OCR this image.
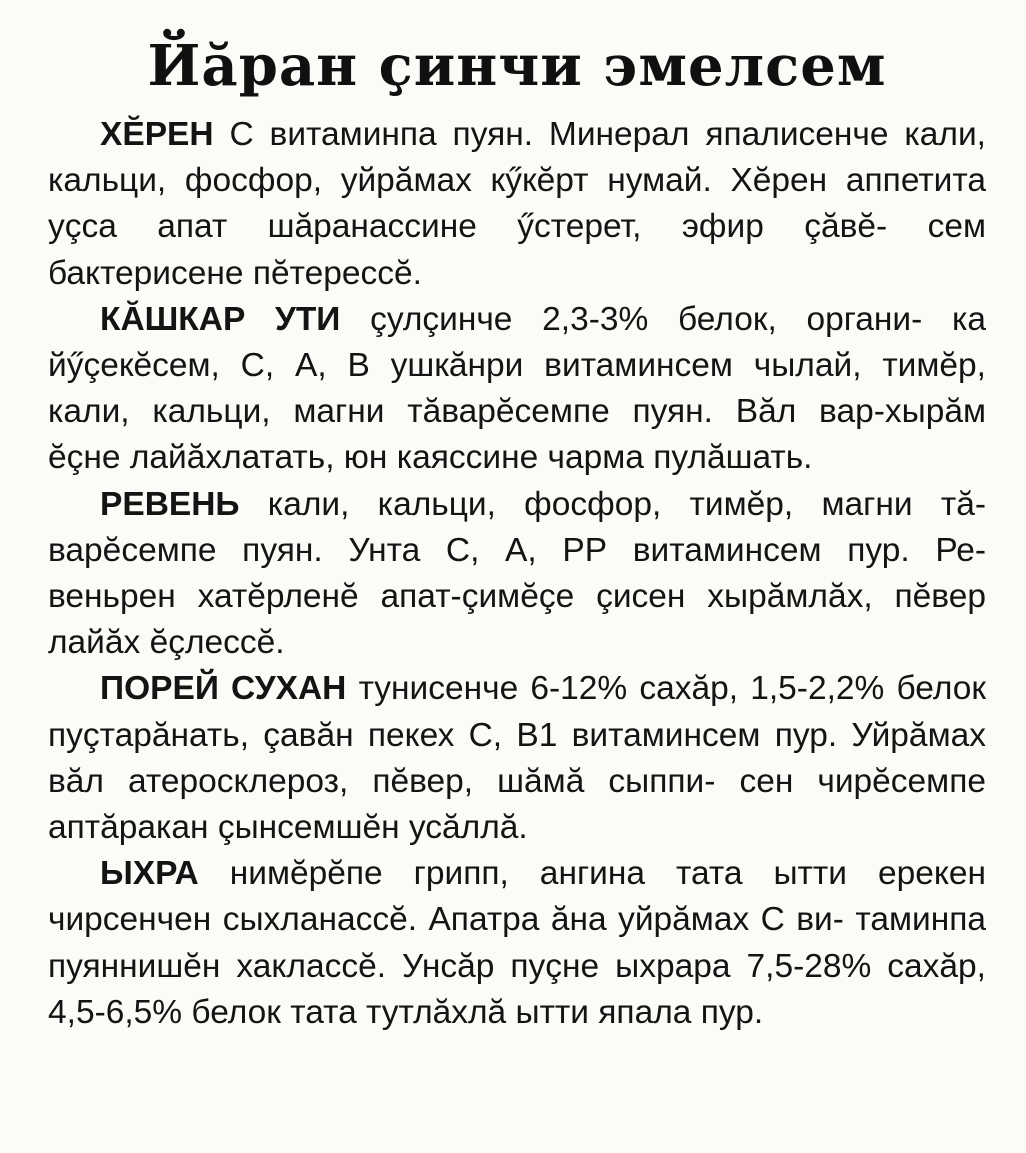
Йăран çинчи эмелсем

ХĔРЕН С витаминпа пуян. Минерал япалисенче кали, кальци, фосфор, уйрăмах кӳкĕрт нумай. Хĕрен аппетита уçса апат шăранассине ӳстерет, эфир çăвĕ- сем бактерисене пĕтерессĕ.

КĂШКАР УТИ çулçинче 2,3-3% белок, органи- ка йӳçекĕсем, С, А, В ушкăнри витаминсем чылай, тимĕр, кали, кальци, магни тăварĕсемпе пуян. Вăл вар-хырăм ĕçне лайăхлатать, юн каяссине чарма пулăшать.

РЕВЕНЬ кали, кальци, фосфор, тимĕр, магни тă- варĕсемпе пуян. Унта С, А, РР витаминсем пур. Ре- веньрен хатĕрленĕ апат-çимĕçе çисен хырăмлăх, пĕвер лайăх ĕçлессĕ.

ПОРЕЙ СУХАН тунисенче 6-12% сахăр, 1,5-2,2% белок пуçтарăнать, çавăн пекех С, В1 витаминсем пур. Уйрăмах вăл атеросклероз, пĕвер, шăмă сыппи- сен чирĕсемпе аптăракан çынсемшĕн усăллă.

ЫХРА нимĕрĕпе грипп, ангина тата ытти ерекен чирсенчен сыхланассĕ. Апатра ăна уйрăмах С ви- таминпа пуяннишĕн хаклассĕ. Унсăр пуçне ыхрара 7,5-28% сахăр, 4,5-6,5% белок тата тутлăхлă ытти япала пур.
